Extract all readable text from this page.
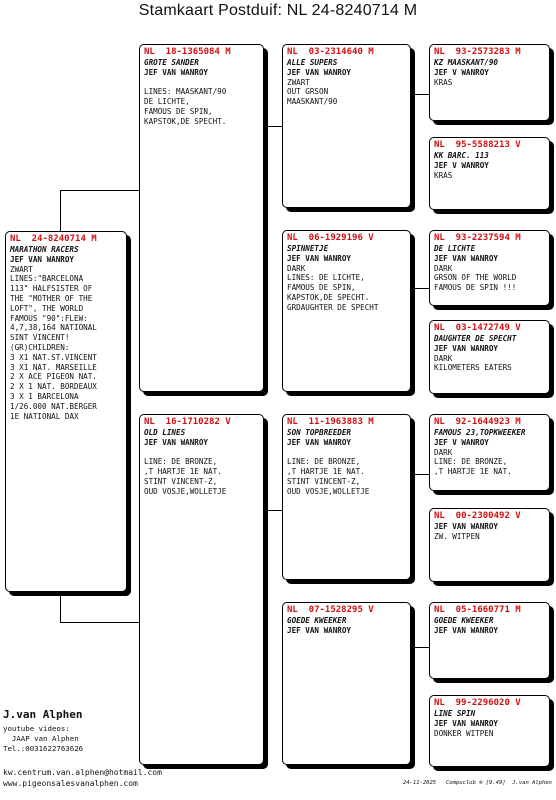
Stamkaart Postduif: NL 24-8240714 M
NL  24-8240714 M
MARATHON RACERS
JEF VAN WANROY
ZWART
LINES:"BARCELONA
113" HALFSISTER OF
THE "MOTHER OF THE
LOFT", THE WORLD
FAMOUS "90":FLEW:
4,7,38,164 NATIONAL
SINT VINCENT!
(GR)CHILDREN:
3 X1 NAT.ST.VINCENT
3 X1 NAT. MARSEILLE
2 X ACE PIGEON NAT.
2 X 1 NAT. BORDEAUX
3 X 1 BARCELONA
1/26.000 NAT.BERGER
1E NATIONAL DAX
NL  18-1365084 M
GROTE SANDER
JEF VAN WANROY

LINES: MAASKANT/90
DE LICHTE,
FAMOUS DE SPIN,
KAPSTOK,DE SPECHT.
NL  16-1710282 V
OLD LINES
JEF VAN WANROY

LINE: DE BRONZE,
,T HARTJE 1E NAT.
STINT VINCENT-Z,
OUD VOSJE,WOLLETJE
NL  03-2314640 M
ALLE SUPERS
JEF VAN WANROY
ZWART
OUT GRSON
MAASKANT/90
NL  06-1929196 V
SPINNETJE
JEF VAN WANROY
DARK
LINES: DE LICHTE,
FAMOUS DE SPIN,
KAPSTOK,DE SPECHT.
GRDAUGHTER DE SPECHT
NL  11-1963883 M
SON TOPBREEDER
JEF VAN WANROY

LINE: DE BRONZE,
,T HARTJE 1E NAT.
STINT VINCENT-Z,
OUD VOSJE,WOLLETJE
NL  07-1528295 V
GOEDE KWEEKER
JEF VAN WANROY
NL  93-2573283 M
KZ MAASKANT/90
JEF V WANROY
KRAS
NL  95-5588213 V
KK BARC. 113
JEF V WANROY
KRAS
NL  93-2237594 M
DE LICHTE
JEF VAN WANROY
DARK
GRSON OF THE WORLD
FAMOUS DE SPIN !!!
NL  03-1472749 V
DAUGHTER DE SPECHT
JEF VAN WANROY
DARK
KILOMETERS EATERS
NL  92-1644923 M
FAMOUS 23,TOPKWEEKER
JEF V WANROY
DARK
LINE: DE BRONZE,
,T HARTJE 1E NAT.
NL  00-2300492 V
JEF VAN WANROY
ZW. WITPEN
NL  05-1660771 M
GOEDE KWEEKER
JEF VAN WANROY
NL  99-2296020 V
LINE SPIN
JEF VAN WANROY
DONKER WITPEN
J.van Alphen
youtube videos:
JAAP van Alphen
Tel.:0031622763626
kw.centrum.van.alphen@hotmail.com
www.pigeonsalesvanalphen.com	24-11-2025 Compuclub ® [9.49]  J.van Alphen
